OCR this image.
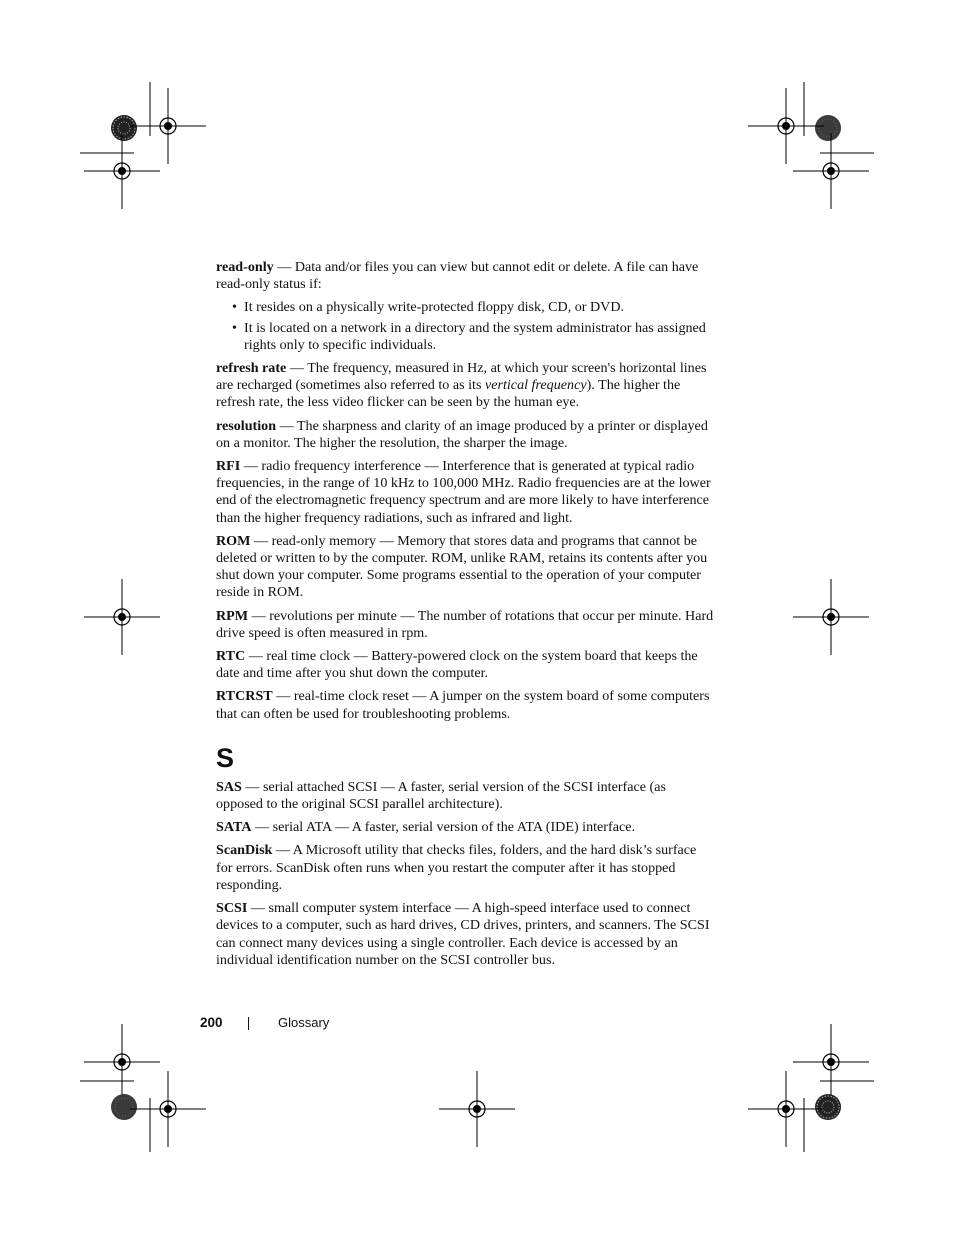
read-only — Data and/or files you can view but cannot edit or delete. A file can have read-only status if:

• It resides on a physically write-protected floppy disk, CD, or DVD.
• It is located on a network in a directory and the system administrator has assigned rights only to specific individuals.

refresh rate — The frequency, measured in Hz, at which your screen's horizontal lines are recharged (sometimes also referred to as its vertical frequency). The higher the refresh rate, the less video flicker can be seen by the human eye.

resolution — The sharpness and clarity of an image produced by a printer or displayed on a monitor. The higher the resolution, the sharper the image.

RFI — radio frequency interference — Interference that is generated at typical radio frequencies, in the range of 10 kHz to 100,000 MHz. Radio frequencies are at the lower end of the electromagnetic frequency spectrum and are more likely to have interference than the higher frequency radiations, such as infrared and light.

ROM — read-only memory — Memory that stores data and programs that cannot be deleted or written to by the computer. ROM, unlike RAM, retains its contents after you shut down your computer. Some programs essential to the operation of your computer reside in ROM.

RPM — revolutions per minute — The number of rotations that occur per minute. Hard drive speed is often measured in rpm.

RTC — real time clock — Battery-powered clock on the system board that keeps the date and time after you shut down the computer.

RTCRST — real-time clock reset — A jumper on the system board of some computers that can often be used for troubleshooting problems.

S

SAS — serial attached SCSI — A faster, serial version of the SCSI interface (as opposed to the original SCSI parallel architecture).

SATA — serial ATA — A faster, serial version of the ATA (IDE) interface.

ScanDisk — A Microsoft utility that checks files, folders, and the hard disk’s surface for errors. ScanDisk often runs when you restart the computer after it has stopped responding.

SCSI — small computer system interface — A high-speed interface used to connect devices to a computer, such as hard drives, CD drives, printers, and scanners. The SCSI can connect many devices using a single controller. Each device is accessed by an individual identification number on the SCSI controller bus.

200	Glossary
